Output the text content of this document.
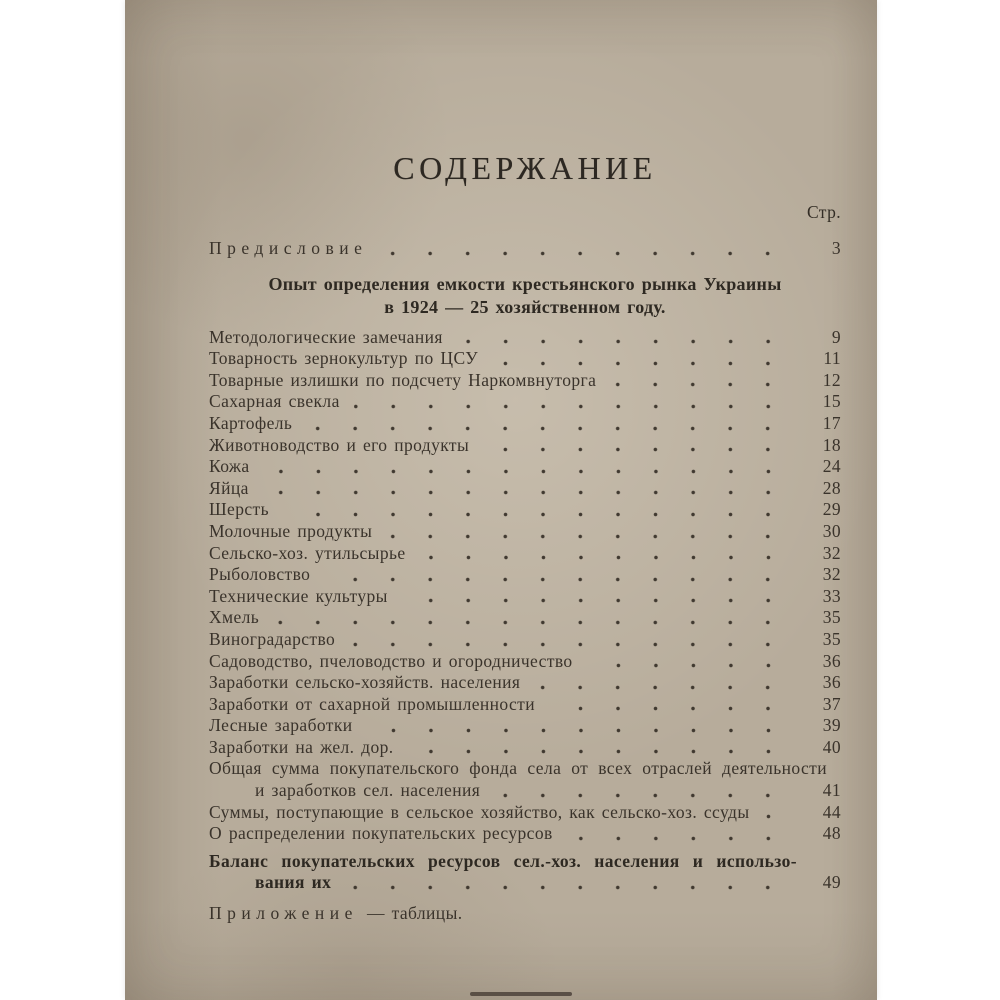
СОДЕРЖАНИЕ
Стр.
Предисловие	3
Опыт определения емкости крестьянского рынка Украины
в 1924 — 25 хозяйственном году.
Методологические замечания	9
Товарность зернокультур по ЦСУ	11
Товарные излишки по подсчету Наркомвнуторга	12
Сахарная свекла	15
Картофель	17
Животноводство и его продукты	18
Кожа	24
Яйца	28
Шерсть	29
Молочные продукты	30
Сельско-хоз. утильсырье	32
Рыболовство	32
Технические культуры	33
Хмель	35
Виноградарство	35
Садоводство, пчеловодство и огородничество	36
Заработки сельско-хозяйств. населения	36
Заработки от сахарной промышленности	37
Лесные заработки	39
Заработки на жел. дор.	40
Общая сумма покупательского фонда села от всех отраслей деятельности
и заработков сел. населения	41
Суммы, поступающие в сельское хозяйство, как сельско-хоз. ссуды	44
О распределении покупательских ресурсов	48
Баланс покупательских ресурсов сел.-хоз. населения и использо-
вания их	49
Приложение — таблицы.
